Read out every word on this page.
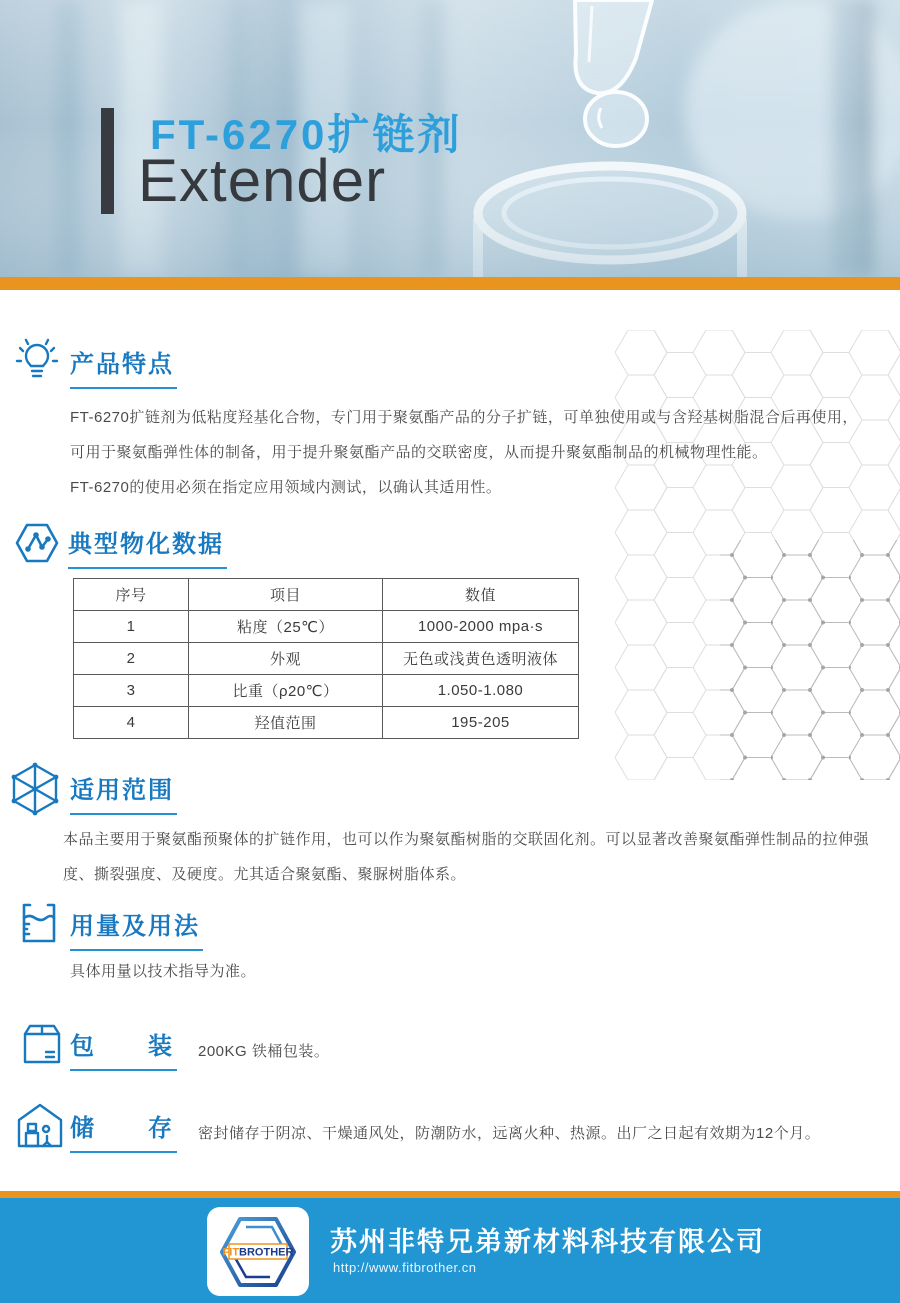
FT-6270扩链剂
Extender
产品特点
FT-6270扩链剂为低粘度羟基化合物，专门用于聚氨酯产品的分子扩链，可单独使用或与含羟基树脂混合后再使用，可用于聚氨酯弹性体的制备，用于提升聚氨酯产品的交联密度，从而提升聚氨酯制品的机械物理性能。
FT-6270的使用必须在指定应用领域内测试，以确认其适用性。
典型物化数据
序号	项目	数值
1	粘度（25℃）	1000-2000 mpa·s
2	外观	无色或浅黄色透明液体
3	比重（ρ20℃）	1.050-1.080
4	羟值范围	195-205
适用范围
本品主要用于聚氨酯预聚体的扩链作用，也可以作为聚氨酯树脂的交联固化剂。可以显著改善聚氨酯弹性制品的拉伸强度、撕裂强度、及硬度。尤其适合聚氨酯、聚脲树脂体系。
用量及用法
具体用量以技术指导为准。
包　　装 200KG 铁桶包装。
储　　存 密封储存于阴凉、干燥通风处，防潮防水，远离火种、热源。出厂之日起有效期为12个月。
FITBROTHER 苏州非特兄弟新材料科技有限公司
http://www.fitbrother.cn
